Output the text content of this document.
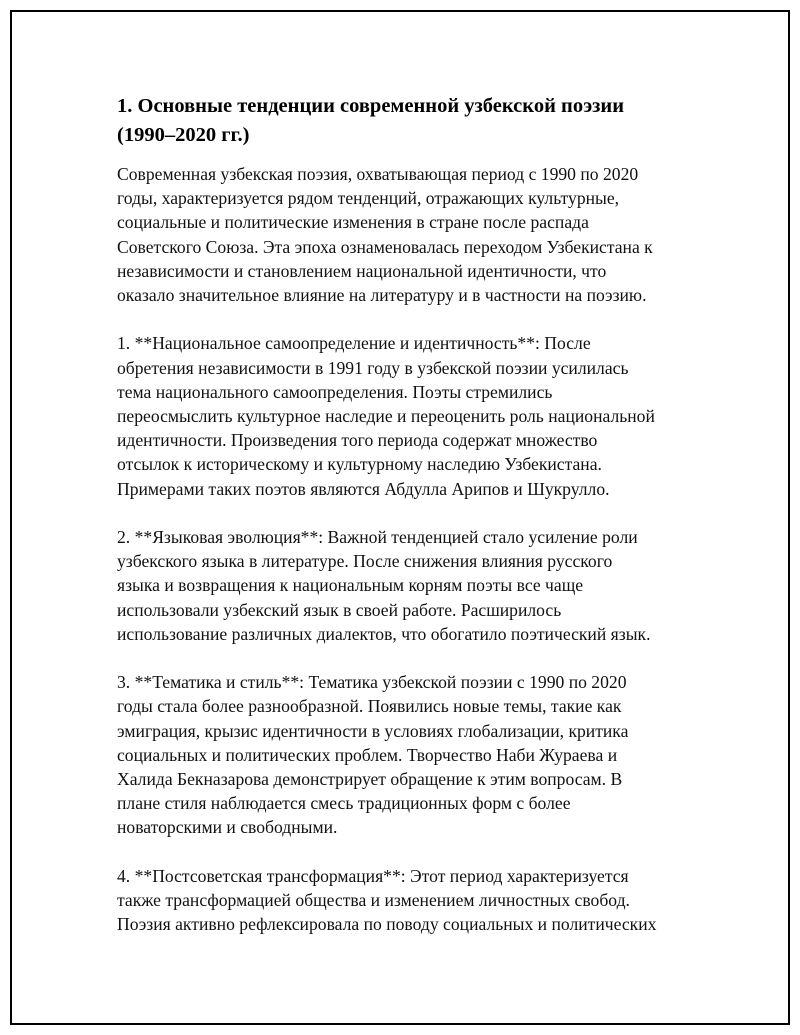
1. Основные тенденции современной узбекской поэзии
(1990–2020 гг.)

Современная узбекская поэзия, охватывающая период с 1990 по 2020
годы, характеризуется рядом тенденций, отражающих культурные,
социальные и политические изменения в стране после распада
Советского Союза. Эта эпоха ознаменовалась переходом Узбекистана к
независимости и становлением национальной идентичности, что
оказало значительное влияние на литературу и в частности на поэзию.

1. **Национальное самоопределение и идентичность**: После
обретения независимости в 1991 году в узбекской поэзии усилилась
тема национального самоопределения. Поэты стремились
переосмыслить культурное наследие и переоценить роль национальной
идентичности. Произведения того периода содержат множество
отсылок к историческому и культурному наследию Узбекистана.
Примерами таких поэтов являются Абдулла Арипов и Шукрулло.

2. **Языковая эволюция**: Важной тенденцией стало усиление роли
узбекского языка в литературе. После снижения влияния русского
языка и возвращения к национальным корням поэты все чаще
использовали узбекский язык в своей работе. Расширилось
использование различных диалектов, что обогатило поэтический язык.

3. **Тематика и стиль**: Тематика узбекской поэзии с 1990 по 2020
годы стала более разнообразной. Появились новые темы, такие как
эмиграция, крызис идентичности в условиях глобализации, критика
социальных и политических проблем. Творчество Наби Жураева и
Халида Бекназарова демонстрирует обращение к этим вопросам. В
плане стиля наблюдается смесь традиционных форм с более
новаторскими и свободными.

4. **Постсоветская трансформация**: Этот период характеризуется
также трансформацией общества и изменением личностных свобод.
Поэзия активно рефлексировала по поводу социальных и политических
